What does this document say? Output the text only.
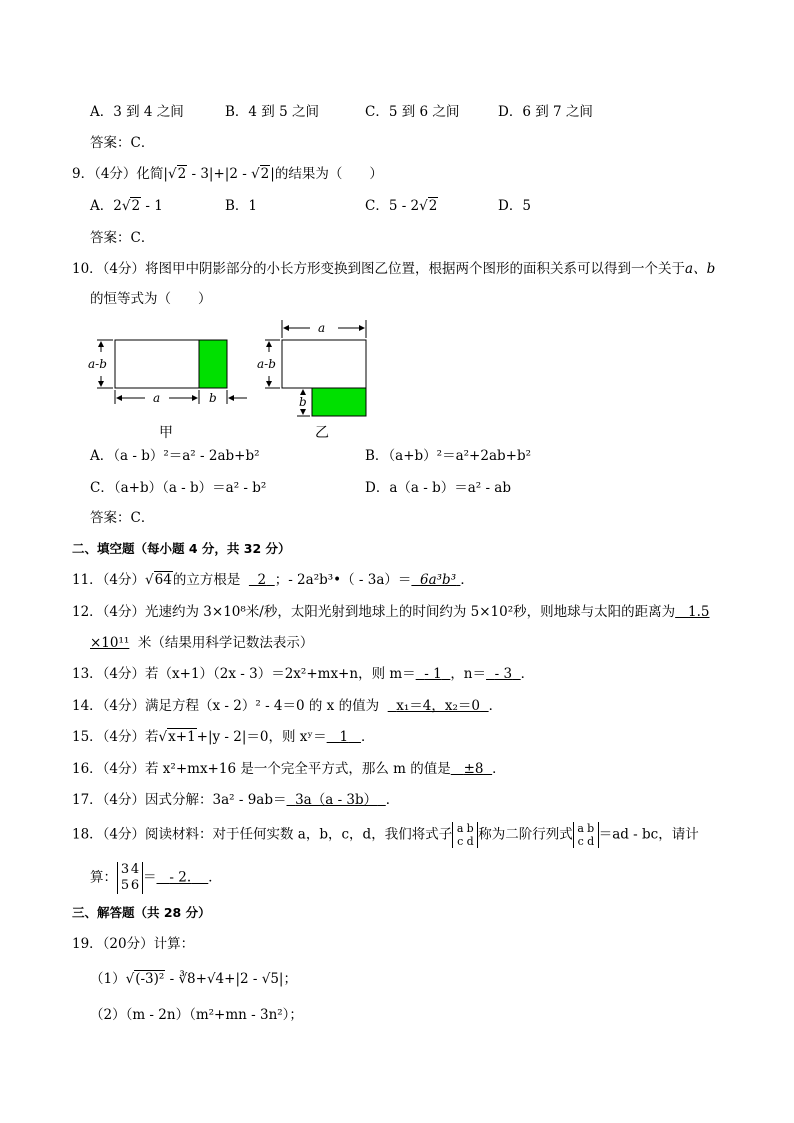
A．3 到 4 之间	B．4 到 5 之间	C．5 到 6 之间	D．6 到 7 之间
答案：C．
9．（4分）化简|√2 - 3|+|2 - √2|的结果为（　　）
A．2√2 - 1	B．1	C．5 - 2√2	D．5
答案：C．
10．（4分）将图甲中阴影部分的小长方形变换到图乙位置，根据两个图形的面积关系可以得到一个关于a、b
的恒等式为（　　）
a-b
a	b
甲
a
a-b
b
乙
A．（a - b）²＝a² - 2ab+b²	B．（a+b）²＝a²+2ab+b²
C．（a+b）（a - b）＝a² - b²	D．a（a - b）＝a² - ab
答案：C．
二、填空题（每小题 4 分，共 32 分）
11．（4分）√64的立方根是 2 ；- 2a²b³•（ - 3a）＝ 6a³b³ ．
12．（4分）光速约为 3×10⁸米/秒，太阳光射到地球上的时间约为 5×10²秒，则地球与太阳的距离为 1.5
×10¹¹ 米（结果用科学记数法表示）
13．（4分）若（x+1）（2x - 3）＝2x²+mx+n，则 m＝ - 1 ，n＝ - 3 ．
14．（4分）满足方程（x - 2）² - 4＝0 的 x 的值为 x₁＝4，x₂＝0 ．
15．（4分）若√x+1+|y - 2|＝0，则 xʸ＝ 1 ．
16．（4分）若 x²+mx+16 是一个完全平方式，那么 m 的值是 ±8 ．
17．（4分）因式分解：3a² - 9ab＝ 3a（a - 3b） ．
18．（4分）阅读材料：对于任何实数 a，b，c，d，我们将式子 a b
c d 称为二阶行列式 a b
c d ＝ad - bc，请计
算： 3 4
5 6 ＝ - 2. ．
三、解答题（共 28 分）
19．（20分）计算：
（1）√(-3)² - ∛8+√4+|2 - √5|；
（2）（m - 2n）（m²+mn - 3n²）；
